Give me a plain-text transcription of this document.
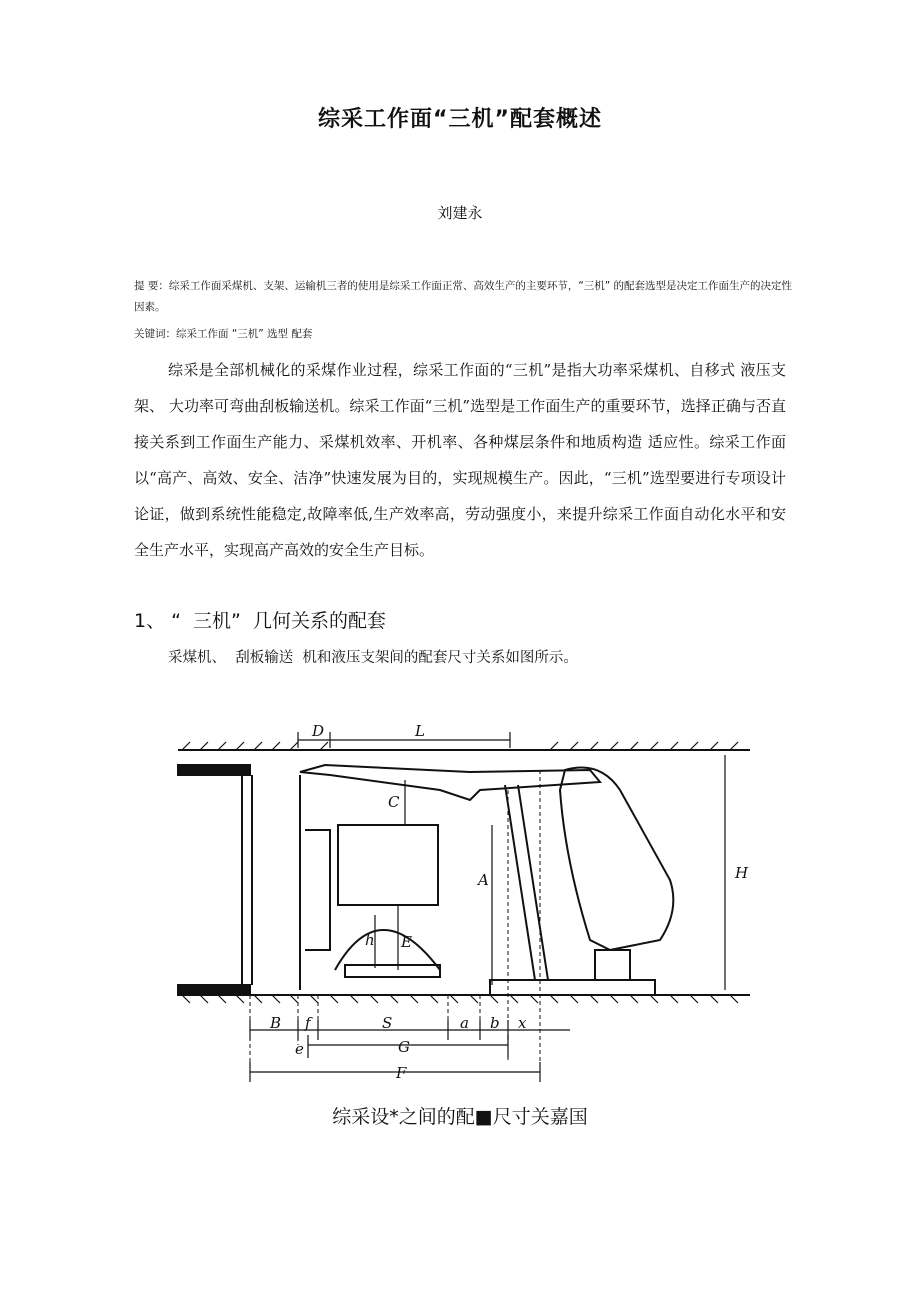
综采工作面“三机”配套概述
刘建永

提 要：综采工作面采煤机、支架、运输机三者的使用是综采工作面正常、高效生产的主要环节，“三机” 的配套选型是决定工作面生产的决定性因素。

关键词：综采工作面 “三机” 选型 配套

综采是全部机械化的采煤作业过程，综采工作面的“三机”是指大功率采煤机、自移式 液压支架、 大功率可弯曲刮板输送机。综采工作面“三机”选型是工作面生产的重要环节，选择正确与否直接关系到工作面生产能力、采煤机效率、开机率、各种煤层条件和地质构造 适应性。综采工作面以“高产、高效、安全、洁净”快速发展为目的，实现规模生产。因此，“三机”选型要进行专项设计论证，做到系统性能稳定,故障率低,生产效率高，劳动强度小，来提升综采工作面自动化水平和安全生产水平，实现高产高效的安全生产目标。

1、 “  三机”  几何关系的配套

采煤机、  刮板输送  机和液压支架间的配套尺寸关系如图所示。

D	L
C
A	H
h E
B f	S	a b x
e	G
F
综采设*之间的配■尺寸关嘉国
